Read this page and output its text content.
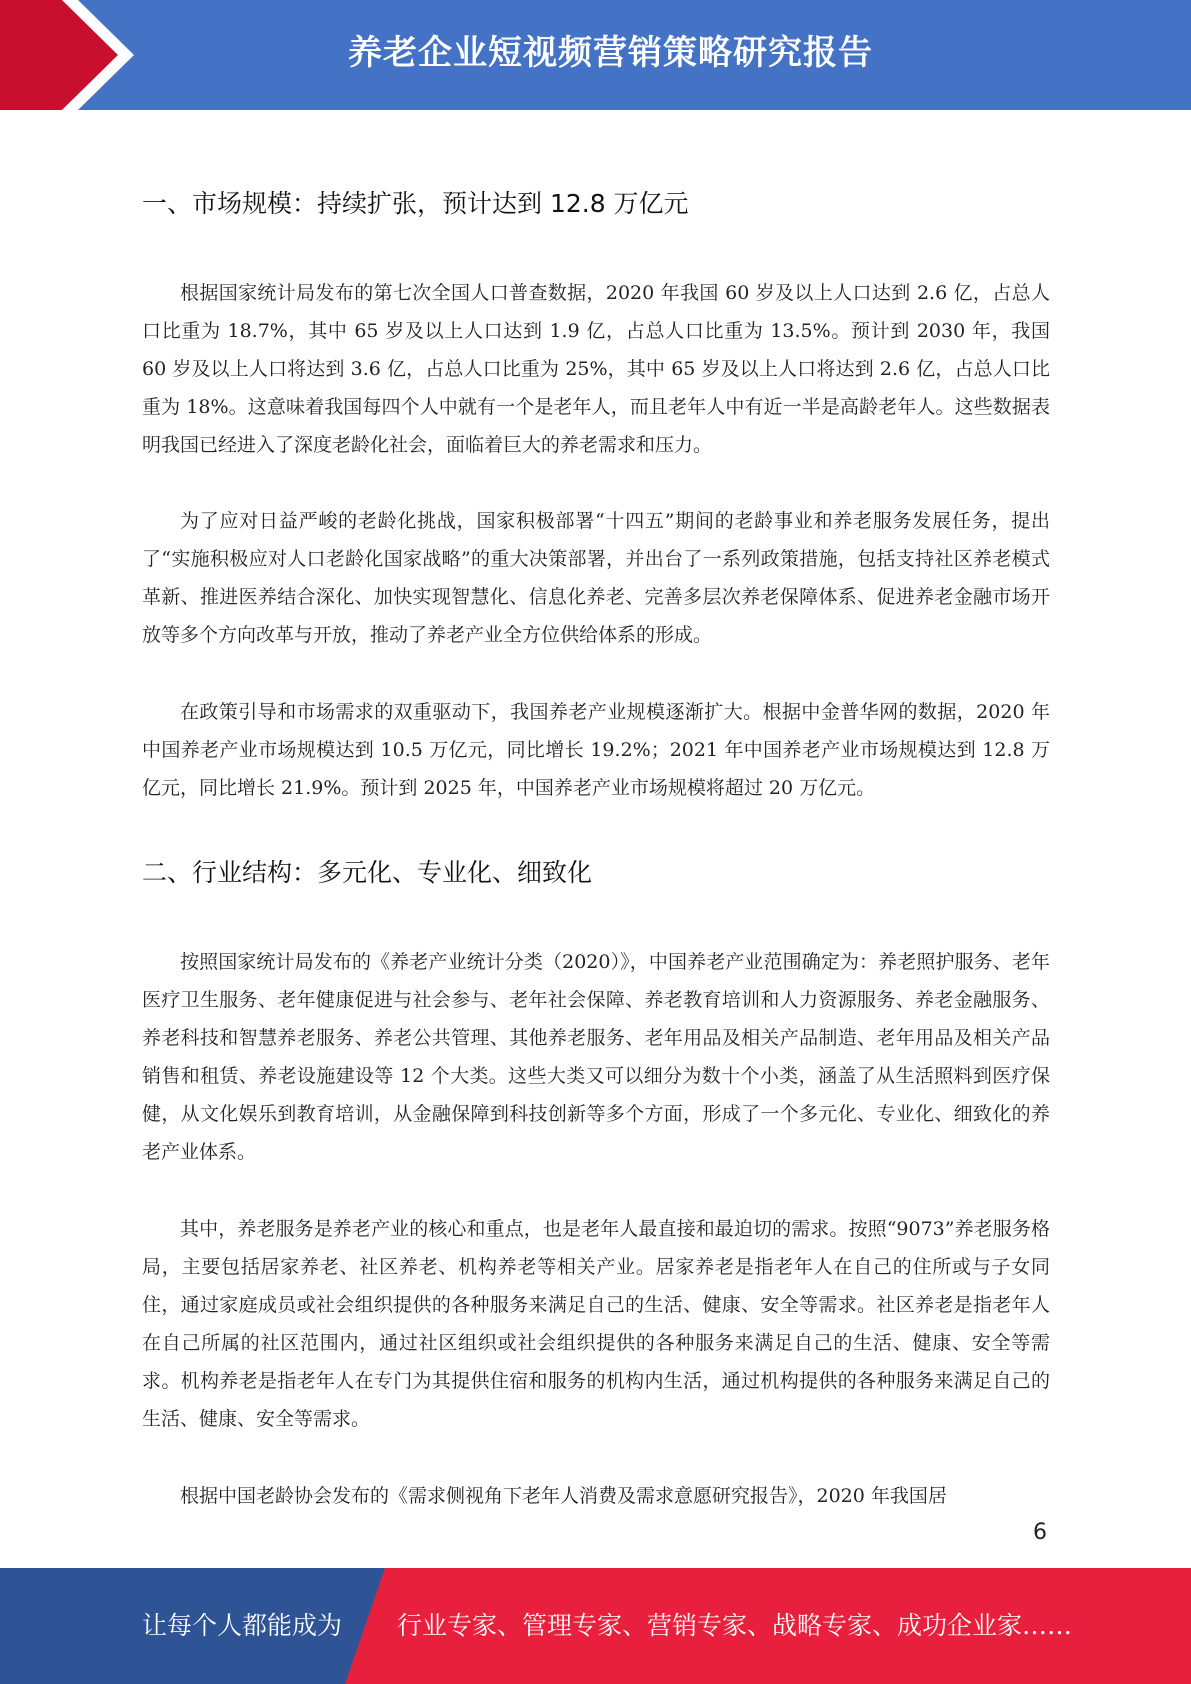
养老企业短视频营销策略研究报告
一、市场规模：持续扩张，预计达到 12.8 万亿元

根据国家统计局发布的第七次全国人口普查数据，2020 年我国 60 岁及以上人口达到 2.6 亿，占总人口比重为 18.7%，其中 65 岁及以上人口达到 1.9 亿，占总人口比重为 13.5%。预计到 2030 年，我国 60 岁及以上人口将达到 3.6 亿，占总人口比重为 25%，其中 65 岁及以上人口将达到 2.6 亿，占总人口比重为 18%。这意味着我国每四个人中就有一个是老年人，而且老年人中有近一半是高龄老年人。这些数据表明我国已经进入了深度老龄化社会，面临着巨大的养老需求和压力。

为了应对日益严峻的老龄化挑战，国家积极部署“十四五”期间的老龄事业和养老服务发展任务，提出了“实施积极应对人口老龄化国家战略”的重大决策部署，并出台了一系列政策措施，包括支持社区养老模式革新、推进医养结合深化、加快实现智慧化、信息化养老、完善多层次养老保障体系、促进养老金融市场开放等多个方向改革与开放，推动了养老产业全方位供给体系的形成。

在政策引导和市场需求的双重驱动下，我国养老产业规模逐渐扩大。根据中金普华网的数据，2020 年中国养老产业市场规模达到 10.5 万亿元，同比增长 19.2%；2021 年中国养老产业市场规模达到 12.8 万亿元，同比增长 21.9%。预计到 2025 年，中国养老产业市场规模将超过 20 万亿元。

二、行业结构：多元化、专业化、细致化

按照国家统计局发布的《养老产业统计分类（2020）》，中国养老产业范围确定为：养老照护服务、老年医疗卫生服务、老年健康促进与社会参与、老年社会保障、养老教育培训和人力资源服务、养老金融服务、养老科技和智慧养老服务、养老公共管理、其他养老服务、老年用品及相关产品制造、老年用品及相关产品销售和租赁、养老设施建设等 12 个大类。这些大类又可以细分为数十个小类，涵盖了从生活照料到医疗保健，从文化娱乐到教育培训，从金融保障到科技创新等多个方面，形成了一个多元化、专业化、细致化的养老产业体系。

其中，养老服务是养老产业的核心和重点，也是老年人最直接和最迫切的需求。按照“9073”养老服务格局，主要包括居家养老、社区养老、机构养老等相关产业。居家养老是指老年人在自己的住所或与子女同住，通过家庭成员或社会组织提供的各种服务来满足自己的生活、健康、安全等需求。社区养老是指老年人在自己所属的社区范围内，通过社区组织或社会组织提供的各种服务来满足自己的生活、健康、安全等需求。机构养老是指老年人在专门为其提供住宿和服务的机构内生活，通过机构提供的各种服务来满足自己的生活、健康、安全等需求。

根据中国老龄协会发布的《需求侧视角下老年人消费及需求意愿研究报告》，2020 年我国居

6
让每个人都能成为 行业专家、管理专家、营销专家、战略专家、成功企业家……
